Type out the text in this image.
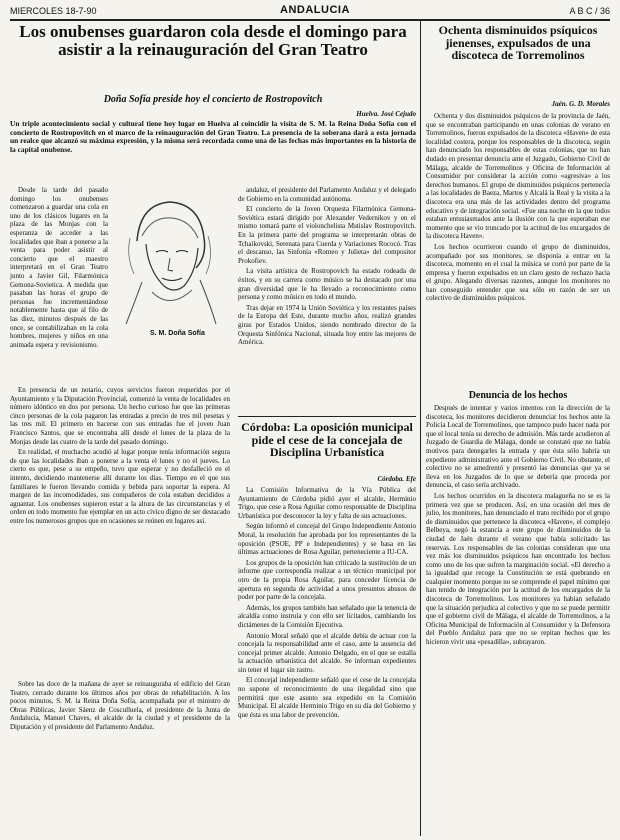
MIERCOLES 18-7-90	ANDALUCIA	A B C / 36
Los onubenses guardaron cola desde el domingo para asistir a la reinauguración del Gran Teatro
Doña Sofía preside hoy el concierto de Rostropovitch
Huelva. José Cejudo
Un triple acontecimiento social y cultural tiene hoy lugar en Huelva al coincidir la visita de S. M. la Reina Doña Sofía con el concierto de Rostropovitch en el marco de la reinauguración del Gran Teatro. La presencia de la soberana dará a esta jornada un realce que alcanzó su máxima expresión, y la misma será recordada como una de las fechas más importantes en la historia de la capital onubense.
S. M. Doña Sofía

Desde la tarde del pasado domingo los onubenses comenzaron a guardar una cola en uno de los clásicos lugares en la plaza de las Monjas con la esperanza de acceder a las localidades que iban a ponerse a la venta para poder asistir al concierto que el maestro interpretará en el Gran Teatro junto a Javier Gil, Filarmónica Gemona-Sovietica. A medida que pasaban las horas el grupo de personas fue incrementándose notablemente hasta que al filo de las diez, minutos después de las once, se contabilizaban en la cola hombres, mujeres y niños en una animada espera y revisionismo.

En presencia de un notario, cuyos servicios fueron requeridos por el Ayuntamiento y la Diputación Provincial, comenzó la venta de localidades en número idóntico en dos por persona. Un hecho curioso fue que las primeras cinco personas de la cola pagaron las entradas a precio de tres mil pesetas y las tres mil. El primero en hacerse con sus entradas fue el joven Juan Francisco Santos, que se encontraba allí desde el lunes de la plaza de la Monjas desde las cuatro de la tarde del pasado domingo.

En realidad, el muchacho acudió al lugar porque tenía información segura de que las localidades iban a ponerse a la venta el lunes y no el jueves. Lo cierto es que, pese a su empeño, tuvo que esperar y no desfalleció en el intento, decidiendo mantenerse allí durante los días. Tiempo en el que sus familiares le fueron llevando comida y bebida para soportar la espera. Al margen de las incomodidades, sus compañeros de cola estaban decididos a aguantar. Los onubenses supieron estar a la altura de las circunstancias y el orden en todo momento fue ejemplar en un acto cívico digno de ser destacado entre los numerosos grupos que en ocasiones se reúnen en lugares así.

Sobre las doce de la mañana de ayer se reinauguraba el edificio del Gran Teatro, cerrado durante los últimos años por obras de rehabilitación. A los pocos minutos, S. M. la Reina Doña Sofía, acompañada por el ministro de Obras Públicas, Javier Sáenz de Cosculluela, el presidente de la Junta de Andalucía, Manuel Chaves, el alcalde de la ciudad y el presidente de la Diputación y el presidente del Parlamento Andaluz.

andaluz, el presidente del Parlamento Andaluz y el delegado de Gobierno en la comunidad autónoma.

El concierto de la Joven Orquesta Filarmónica Gemona-Soviética estará dirigido por Alexander Vedernikov y en el mismo tomará parte el violonchelista Mstislav Rostropovitch. En la primera parte del programa se interpretarán obras de Tchaikovski, Serenata para Cuerda y Variaciones Rococó. Tras el descanso, las Sinfonía «Romeo y Julieta» del compositor Prokofiev.

La visita artística de Rostropovich ha estado rodeada de éxitos, y en su carrera como músico se ha destacado por una gran diversidad que le ha llevado a reconocimiento como persona y como músico en todo el mundo.

Tras dejar en 1974 la Unión Soviética y los restantes países de la Europa del Este, durante mucho años, realizó grandes giras por Estados Unidos, siendo nombrado director de la Orquesta Sinfónica Nacional, situada hoy entre las mejores de América.

Córdoba: La oposición municipal pide el cese de la concejala de Disciplina Urbanística
Córdoba. Efe

La Comisión Informativa de la Vía Pública del Ayuntamiento de Córdoba pidió ayer el alcalde, Herminio Trigo, que cese a Rosa Aguilar como responsable de Disciplina Urbanística por desconocer la ley y falta de sus actuaciones.

Según informó el concejal del Grupo Independiente Antonio Moral, la resolución fue aprobada por los representantes de la oposición (PSOE, PP e Independientes) y se basa en las últimas actuaciones de Rosa Aguilar, perteneciente a IU-CA.

Los grupos de la oposición han criticado la sustitución de un informe que correspondía realizar a un técnico municipal por otro de la propia Rosa Aguilar, para conceder licencia de apertura en segunda de actividad a unos presuntos abusos de poder por parte de la concejala.

Además, los grupos también han señalado que la tenencia de alcaldía como instruía y con ello ser licitados, cambiando los dictámenes de la Comisión Ejecutiva.

Antonio Moral señaló que el alcalde debía de actuar con la concejala la responsabilidad ante el caso, ante la ausencia del concejal primer alcalde. Antonio Delgado, en el que se estalla la actuación urbanística del alcalde. Se informan expedientes sin tener el lugar sin rastro.

El concejal independiente señaló que el cese de la concejala no supone el reconocimiento de una ilegalidad sino que permitirá que este asunto sea expedido en la Comisión Municipal. El alcalde Herminio Trigo en su día del Gobierno y que ésta es una labor de prevención.

Ochenta disminuidos psíquicos jienenses, expulsados de una discoteca de Torremolinos
Jaén. G. D. Morales

Ochenta y dos disminuidos psíquicos de la provincia de Jaén, que se encontraban participando en unas colonias de verano en Torremolinos, fueron expulsados de la discoteca «Haven» de esta localidad costera, porque los responsables de la discoteca, según han denunciado los responsables de estas colonias, que no han dudado en presentar denuncia ante el Juzgado, Gobierno Civil de Málaga, alcalde de Torremolinos y Oficina de Información al Consumidor por considerar la acción como «agresiva» a los derechos humanos. El grupo de disminuidos psíquicos pertenecía a las localidades de Baeza, Martos y Alcalá la Real y la visita a la discoteca era una más de las actividades dentro del programa educativo y de integración social. «Fue una noche en la que todos estaban entusiasmados ante la ilusión con la que esperaban ese momento que se vio truncado por la actitud de los encargados de la discoteca Haven».

Los hechos ocurrieron cuando el grupo de disminuidos, acompañado por sus monitores, se disponía a entrar en la discoteca, momento en el cual la música se cortó por parte de la empresa y fueron expulsados en un claro gesto de rechazo hacia el grupo. Alegando diversas razones, aunque los monitores no han conseguido entender que sea sólo en razón de ser un colectivo de disminuidos psíquicos.

Denuncia de los hechos

Después de intentar y varios intentos con la dirección de la discoteca, los monitores decidieron denunciar los hechos ante la Policía Local de Torremolinos, que tampoco pudo hacer nada por que el local tenía su derecho de admisión. Más tarde acudieron al Juzgado de Guardia de Málaga, donde se constató que no había motivos para denegarles la entrada y que ésta sólo habría un expediente administrativo ante el Gobierno Civil. No obstante, el colectivo no se amedrentó y presentó las denuncias que ya se lleva en los Juzgados de lo que se debería que proceda por denuncia, el caso sería archivado.

Los hechos ocurridos en la discoteca malagueña no se es la primera vez que se producen. Así, en una ocasión del mes de julio, los monitores, han denunciado el trato recibido por el grupo de disminuidos que pertenece la discoteca «Haven», el complejo Belbeya, negó la estancia a este grupo de disminuidos de la ciudad de Jaén durante el verano que había solicitado las reservas. Los responsables de las colonias consideran que una vez más los disminuidos psíquicos han encontrado los hechos como uno de los que sufren la marginación social. «El derecho a la igualdad que recoge la Constitución se está quebrando en cualquier momento porque no se comprende el papel mínimo que han tenido de integración por la actitud de los encargados de la discoteca de Torremolinos. Los monitores ya habían señalado que la situación perjudica al colectivo y que no se puede permitir que el gobierno civil de Málaga, el alcalde de Torremolinos, a la Oficina Municipal de Información al Consumidor y la Defensora del Pueblo Andaluz para que no se repitan hechos que les hicieron vivir una «pesadilla», subrayaron.
